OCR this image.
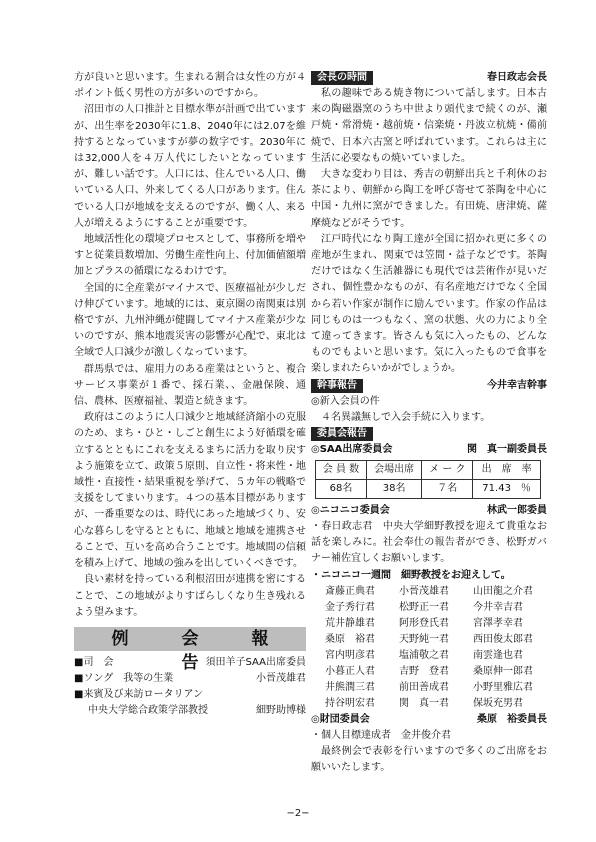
方が良いと思います。生まれる割合は女性の方が４ポイント低く男性の方が多いのですから。

沼田市の人口推計と目標水準が計画で出ていますが、出生率を2030年に1.8、2040年には2.07を維持するとなっていますが夢の数字です。2030年には32,000人を４万人代にしたいとなっていますが、難しい話です。人口には、住んでいる人口、働いている人口、外来してくる人口があります。住んでいる人口が地域を支えるのですが、働く人、来る人が増えるようにすることが重要です。

地域活性化の環境プロセスとして、事務所を増やすと従業員数増加、労働生産性向上、付加価値額増加とプラスの循環になるわけです。

全国的に全産業がマイナスで、医療福祉が少しだけ伸びています。地域的には、東京圏の南関東は別格ですが、九州沖縄が健闘してマイナス産業が少ないのですが、熊本地震災害の影響が心配で、東北は全域で人口減少が激しくなっています。

群馬県では、雇用力のある産業はというと、複合サービス事業が１番で、採石業、、金融保険、通信、農林、医療福祉、製造と続きます。

政府はこのように人口減少と地域経済縮小の克服のため、まち・ひと・しごと創生によう好循環を確立するとともにこれを支えるまちに活力を取り戻すよう施策を立て、政策５原則、自立性・将来性・地域性・直接性・結果重視を挙げて、５カ年の戦略で支援をしてまいります。４つの基本目標がありますが、一番重要なのは、時代にあった地域づくり、安心な暮らしを守るとともに、地域と地域を連携させることで、互いを高め合うことです。地域間の信頼を積み上げて、地域の強みを出していくべきです。

良い素材を持っている利根沼田が連携を密にすることで、この地域がよりすばらしくなり生き残れるよう望みます。

例　会　報　告
■司　会	須田羊子SAA出席委員
■ソング　我等の生業	小晉茂雄君
■来賓及び来訪ロータリアン
中央大学総合政策学部教授	細野助博様
会長の時間	春日政志会長

私の趣味である焼き物について話します。日本古来の陶磁器窯のうち中世より頭代まで続くのが、瀬戸焼・常滑焼・越前焼・信楽焼・丹波立杭焼・備前焼で、日本六古窯と呼ばれています。これらは主に生活に必要なもの焼いていました。

大きな変わり目は、秀吉の朝鮮出兵と千利休のお茶により、朝鮮から陶工を呼び寄せて茶陶を中心に中国・九州に窯ができました。有田焼、唐津焼、薩摩焼などがそうです。

江戸時代になり陶工達が全国に招かれ更に多くの産地が生まれ、関東では笠間・益子などです。茶陶だけではなく生活雑器にも現代では芸術作が見いだされ、個性豊かなものが、有名産地だけでなく全国から若い作家が制作に励んでいます。作家の作品は同じものは一つもなく、窯の状態、火の力により全て違ってきます。皆さんも気に入ったもの、どんなものでもよいと思います。気に入ったもので食事を楽しまれたらいかがでしょうか。

幹事報告	今井幸吉幹事

◎新入会員の件

４名異議無しで入会手続に入ります。

委員会報告
◎SAA出席委員会	関　真一副委員長
会 員 数	会場出席	メ ー ク	出　席　率
68名	38名	７名	71.43　％
◎ニコニコ委員会	林武一郎委員

・春日政志君　中央大学細野教授を迎えて貴重なお話を楽しみに。社会奉仕の報告者ができ、松野ガバナー補佐宜しくお願いします。

・ニコニコ一週間　細野教授をお迎えして。
斎藤正典君	小晉茂雄君	山田龍之介君
金子秀行君	松野正一君	今井幸吉君
荒井静雄君	阿形登氏君	宮澤孝幸君
桑原　裕君	天野純一君	西田俊太郎君
宮内明彦君	塩浦敬之君	南雲逢也君
小暮正人君	吉野　登君	桑原伸一郎君
井熊潤三君	前田善成君	小野里雅広君
持谷明宏君	関　真一君	保坂充男君
◎財団委員会	桑原　裕委員長

・個人目標達成者　金井俊介君

最終例会で表彰を行いますので多くのご出席をお願いいたします。

−2−
